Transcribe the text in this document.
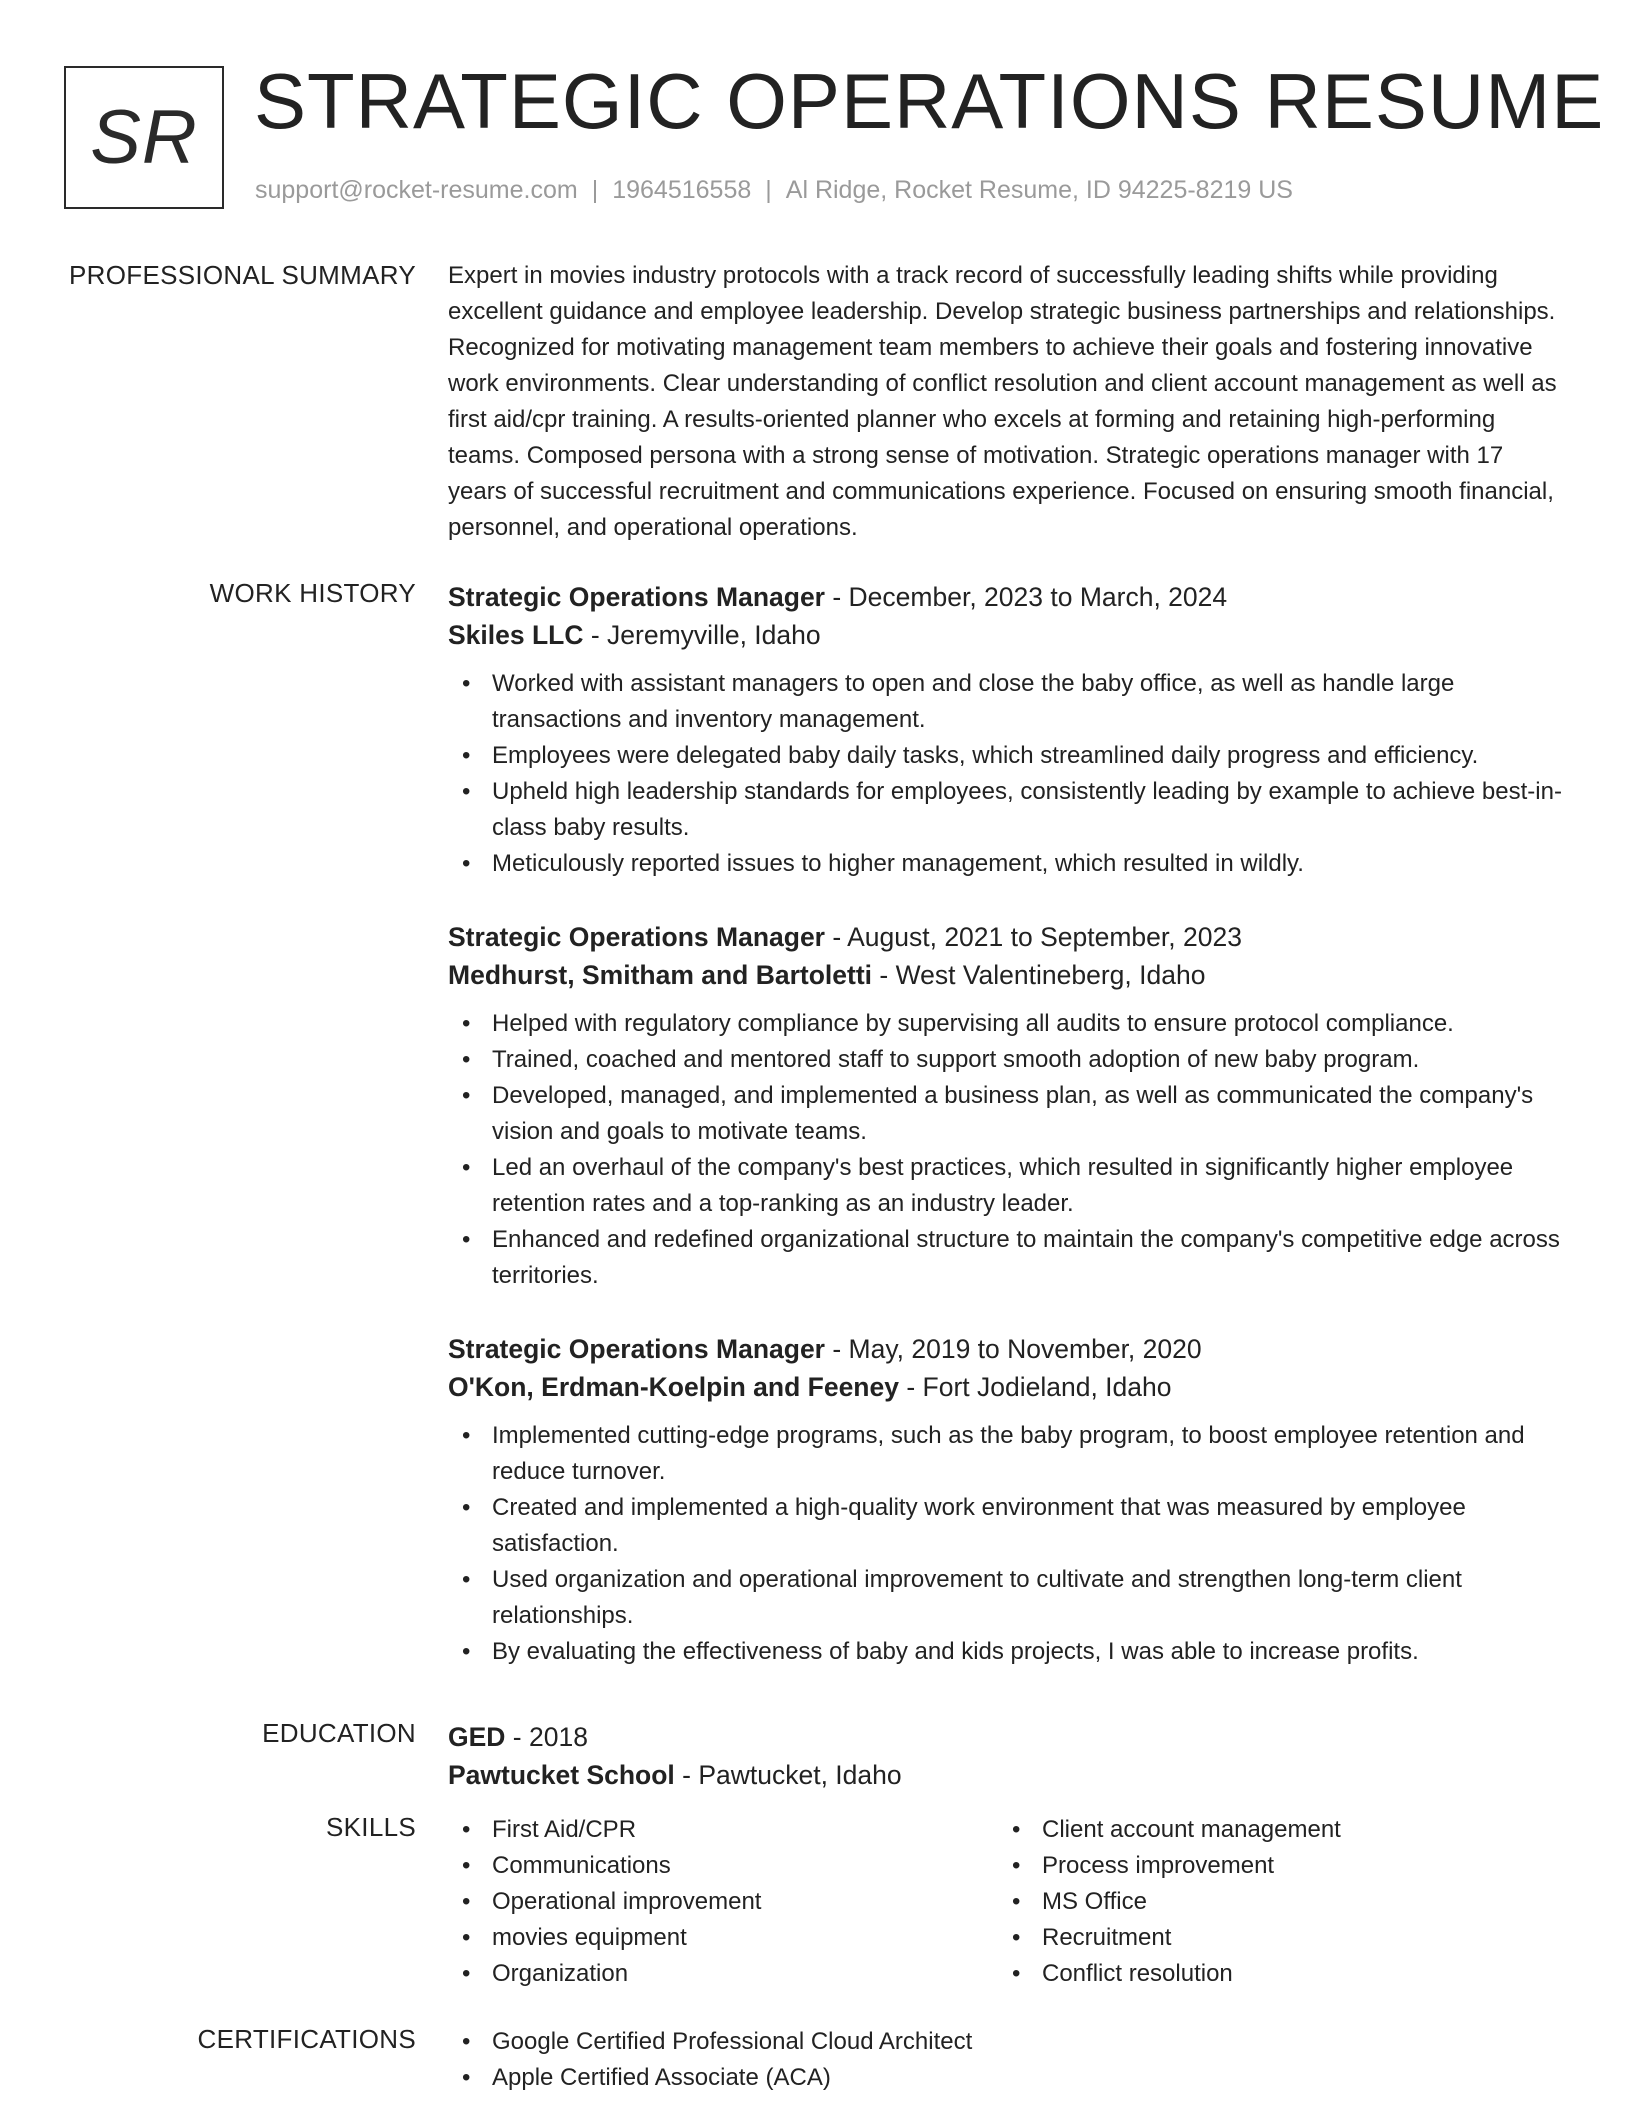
SR STRATEGIC OPERATIONS RESUME
support@rocket-resume.com | 1964516558 | Al Ridge, Rocket Resume, ID 94225-8219 US
PROFESSIONAL SUMMARY Expert in movies industry protocols with a track record of successfully leading shifts while providing excellent guidance and employee leadership. Develop strategic business partnerships and relationships. Recognized for motivating management team members to achieve their goals and fostering innovative work environments. Clear understanding of conflict resolution and client account management as well as first aid/cpr training. A results-oriented planner who excels at forming and retaining high-performing teams. Composed persona with a strong sense of motivation. Strategic operations manager with 17 years of successful recruitment and communications experience. Focused on ensuring smooth financial, personnel, and operational operations.

WORK HISTORY Strategic Operations Manager - December, 2023 to March, 2024
Skiles LLC - Jeremyville, Idaho
• Worked with assistant managers to open and close the baby office, as well as handle large transactions and inventory management.
• Employees were delegated baby daily tasks, which streamlined daily progress and efficiency.
• Upheld high leadership standards for employees, consistently leading by example to achieve best-in-class baby results.
• Meticulously reported issues to higher management, which resulted in wildly.
Strategic Operations Manager - August, 2021 to September, 2023
Medhurst, Smitham and Bartoletti - West Valentineberg, Idaho
• Helped with regulatory compliance by supervising all audits to ensure protocol compliance.
• Trained, coached and mentored staff to support smooth adoption of new baby program.
• Developed, managed, and implemented a business plan, as well as communicated the company's vision and goals to motivate teams.
• Led an overhaul of the company's best practices, which resulted in significantly higher employee retention rates and a top-ranking as an industry leader.
• Enhanced and redefined organizational structure to maintain the company's competitive edge across territories.
Strategic Operations Manager - May, 2019 to November, 2020
O'Kon, Erdman-Koelpin and Feeney - Fort Jodieland, Idaho
• Implemented cutting-edge programs, such as the baby program, to boost employee retention and reduce turnover.
• Created and implemented a high-quality work environment that was measured by employee satisfaction.
• Used organization and operational improvement to cultivate and strengthen long-term client relationships.
• By evaluating the effectiveness of baby and kids projects, I was able to increase profits.
EDUCATION GED - 2018
Pawtucket School - Pawtucket, Idaho
SKILLS	• First Aid/CPR
• Communications
• Operational improvement
• movies equipment
• Organization
• Client account management
• Process improvement
• MS Office
• Recruitment
• Conflict resolution
CERTIFICATIONS	• Google Certified Professional Cloud Architect
• Apple Certified Associate (ACA)
